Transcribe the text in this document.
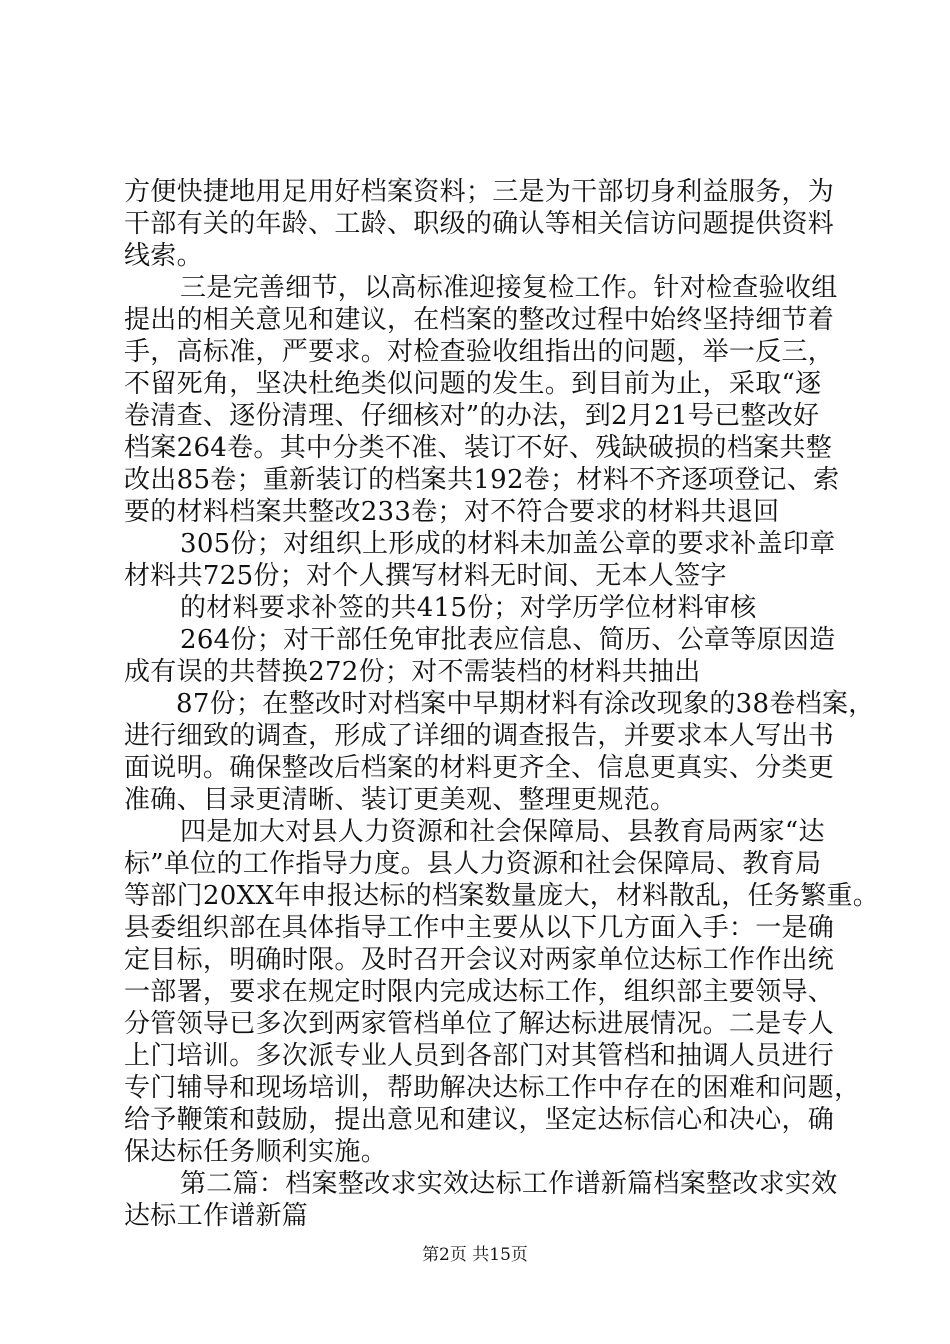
方便快捷地用足用好档案资料；三是为干部切身利益服务，为
干部有关的年龄、工龄、职级的确认等相关信访问题提供资料
线索。
三是完善细节，以高标准迎接复检工作。针对检查验收组
提出的相关意见和建议，在档案的整改过程中始终坚持细节着
手，高标准，严要求。对检查验收组指出的问题，举一反三，
不留死角，坚决杜绝类似问题的发生。到目前为止，采取“逐
卷清查、逐份清理、仔细核对”的办法，到2月21号已整改好
档案264卷。其中分类不准、装订不好、残缺破损的档案共整
改出85卷；重新装订的档案共192卷；材料不齐逐项登记、索
要的材料档案共整改233卷；对不符合要求的材料共退回
305份；对组织上形成的材料未加盖公章的要求补盖印章
材料共725份；对个人撰写材料无时间、无本人签字
的材料要求补签的共415份；对学历学位材料审核
264份；对干部任免审批表应信息、简历、公章等原因造
成有误的共替换272份；对不需装档的材料共抽出
87份；在整改时对档案中早期材料有涂改现象的38卷档案，
进行细致的调查，形成了详细的调查报告，并要求本人写出书
面说明。确保整改后档案的材料更齐全、信息更真实、分类更
准确、目录更清晰、装订更美观、整理更规范。
四是加大对县人力资源和社会保障局、县教育局两家“达
标”单位的工作指导力度。县人力资源和社会保障局、教育局
等部门20XX年申报达标的档案数量庞大，材料散乱，任务繁重。
县委组织部在具体指导工作中主要从以下几方面入手：一是确
定目标，明确时限。及时召开会议对两家单位达标工作作出统
一部署，要求在规定时限内完成达标工作，组织部主要领导、
分管领导已多次到两家管档单位了解达标进展情况。二是专人
上门培训。多次派专业人员到各部门对其管档和抽调人员进行
专门辅导和现场培训，帮助解决达标工作中存在的困难和问题，
给予鞭策和鼓励，提出意见和建议，坚定达标信心和决心，确
保达标任务顺利实施。
第二篇：档案整改求实效达标工作谱新篇档案整改求实效
达标工作谱新篇
第2页 共15页
